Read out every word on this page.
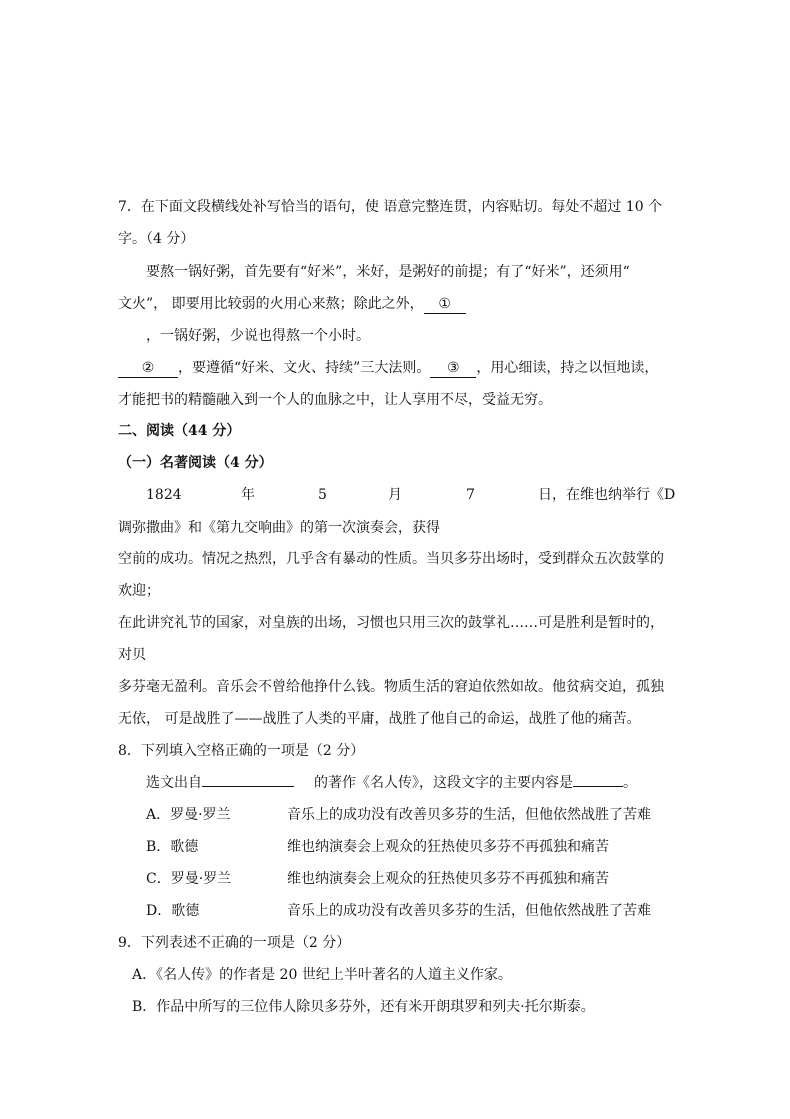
7．在下面文段横线处补写恰当的语句，使 语意完整连贯，内容贴切。每处不超过 10 个
字。（4 分）
要熬一锅好粥，首先要有“好米”，米好，是粥好的前提；有了“好米”，还须用“
文火”， 即要用比较弱的火用心来熬；除此之外， ①
，一锅好粥，少说也得熬一个小时。
② ，要遵循“好米、文火、持续”三大法则。 ③ ，用心细读，持之以恒地读，
才能把书的精髓融入到一个人的血脉之中，让人享用不尽，受益无穷。
二、阅读（44 分）
（一）名著阅读（4 分）
1824	年	5	月	7	日，在维也纳举行《D
调弥撒曲》和《第九交响曲》的第一次演奏会，获得
空前的成功。情况之热烈，几乎含有暴动的性质。当贝多芬出场时，受到群众五次鼓掌的
欢迎；
在此讲究礼节的国家，对皇族的出场，习惯也只用三次的鼓掌礼……可是胜利是暂时的，
对贝
多芬毫无盈利。音乐会不曾给他挣什么钱。物质生活的窘迫依然如故。他贫病交迫，孤独
无依， 可是战胜了——战胜了人类的平庸，战胜了他自己的命运，战胜了他的痛苦。
8．下列填入空格正确的一项是（2 分）
选文出自	的著作《名人传》，这段文字的主要内容是	。
A．罗曼·罗兰	音乐上的成功没有改善贝多芬的生活，但他依然战胜了苦难
B．歌德	维也纳演奏会上观众的狂热使贝多芬不再孤独和痛苦
C．罗曼·罗兰	维也纳演奏会上观众的狂热使贝多芬不再孤独和痛苦
D．歌德	音乐上的成功没有改善贝多芬的生活，但他依然战胜了苦难
9．下列表述不正确的一项是（2 分）
A．《名人传》的作者是 20 世纪上半叶著名的人道主义作家。
B．作品中所写的三位伟人除贝多芬外，还有米开朗琪罗和列夫·托尔斯泰。
